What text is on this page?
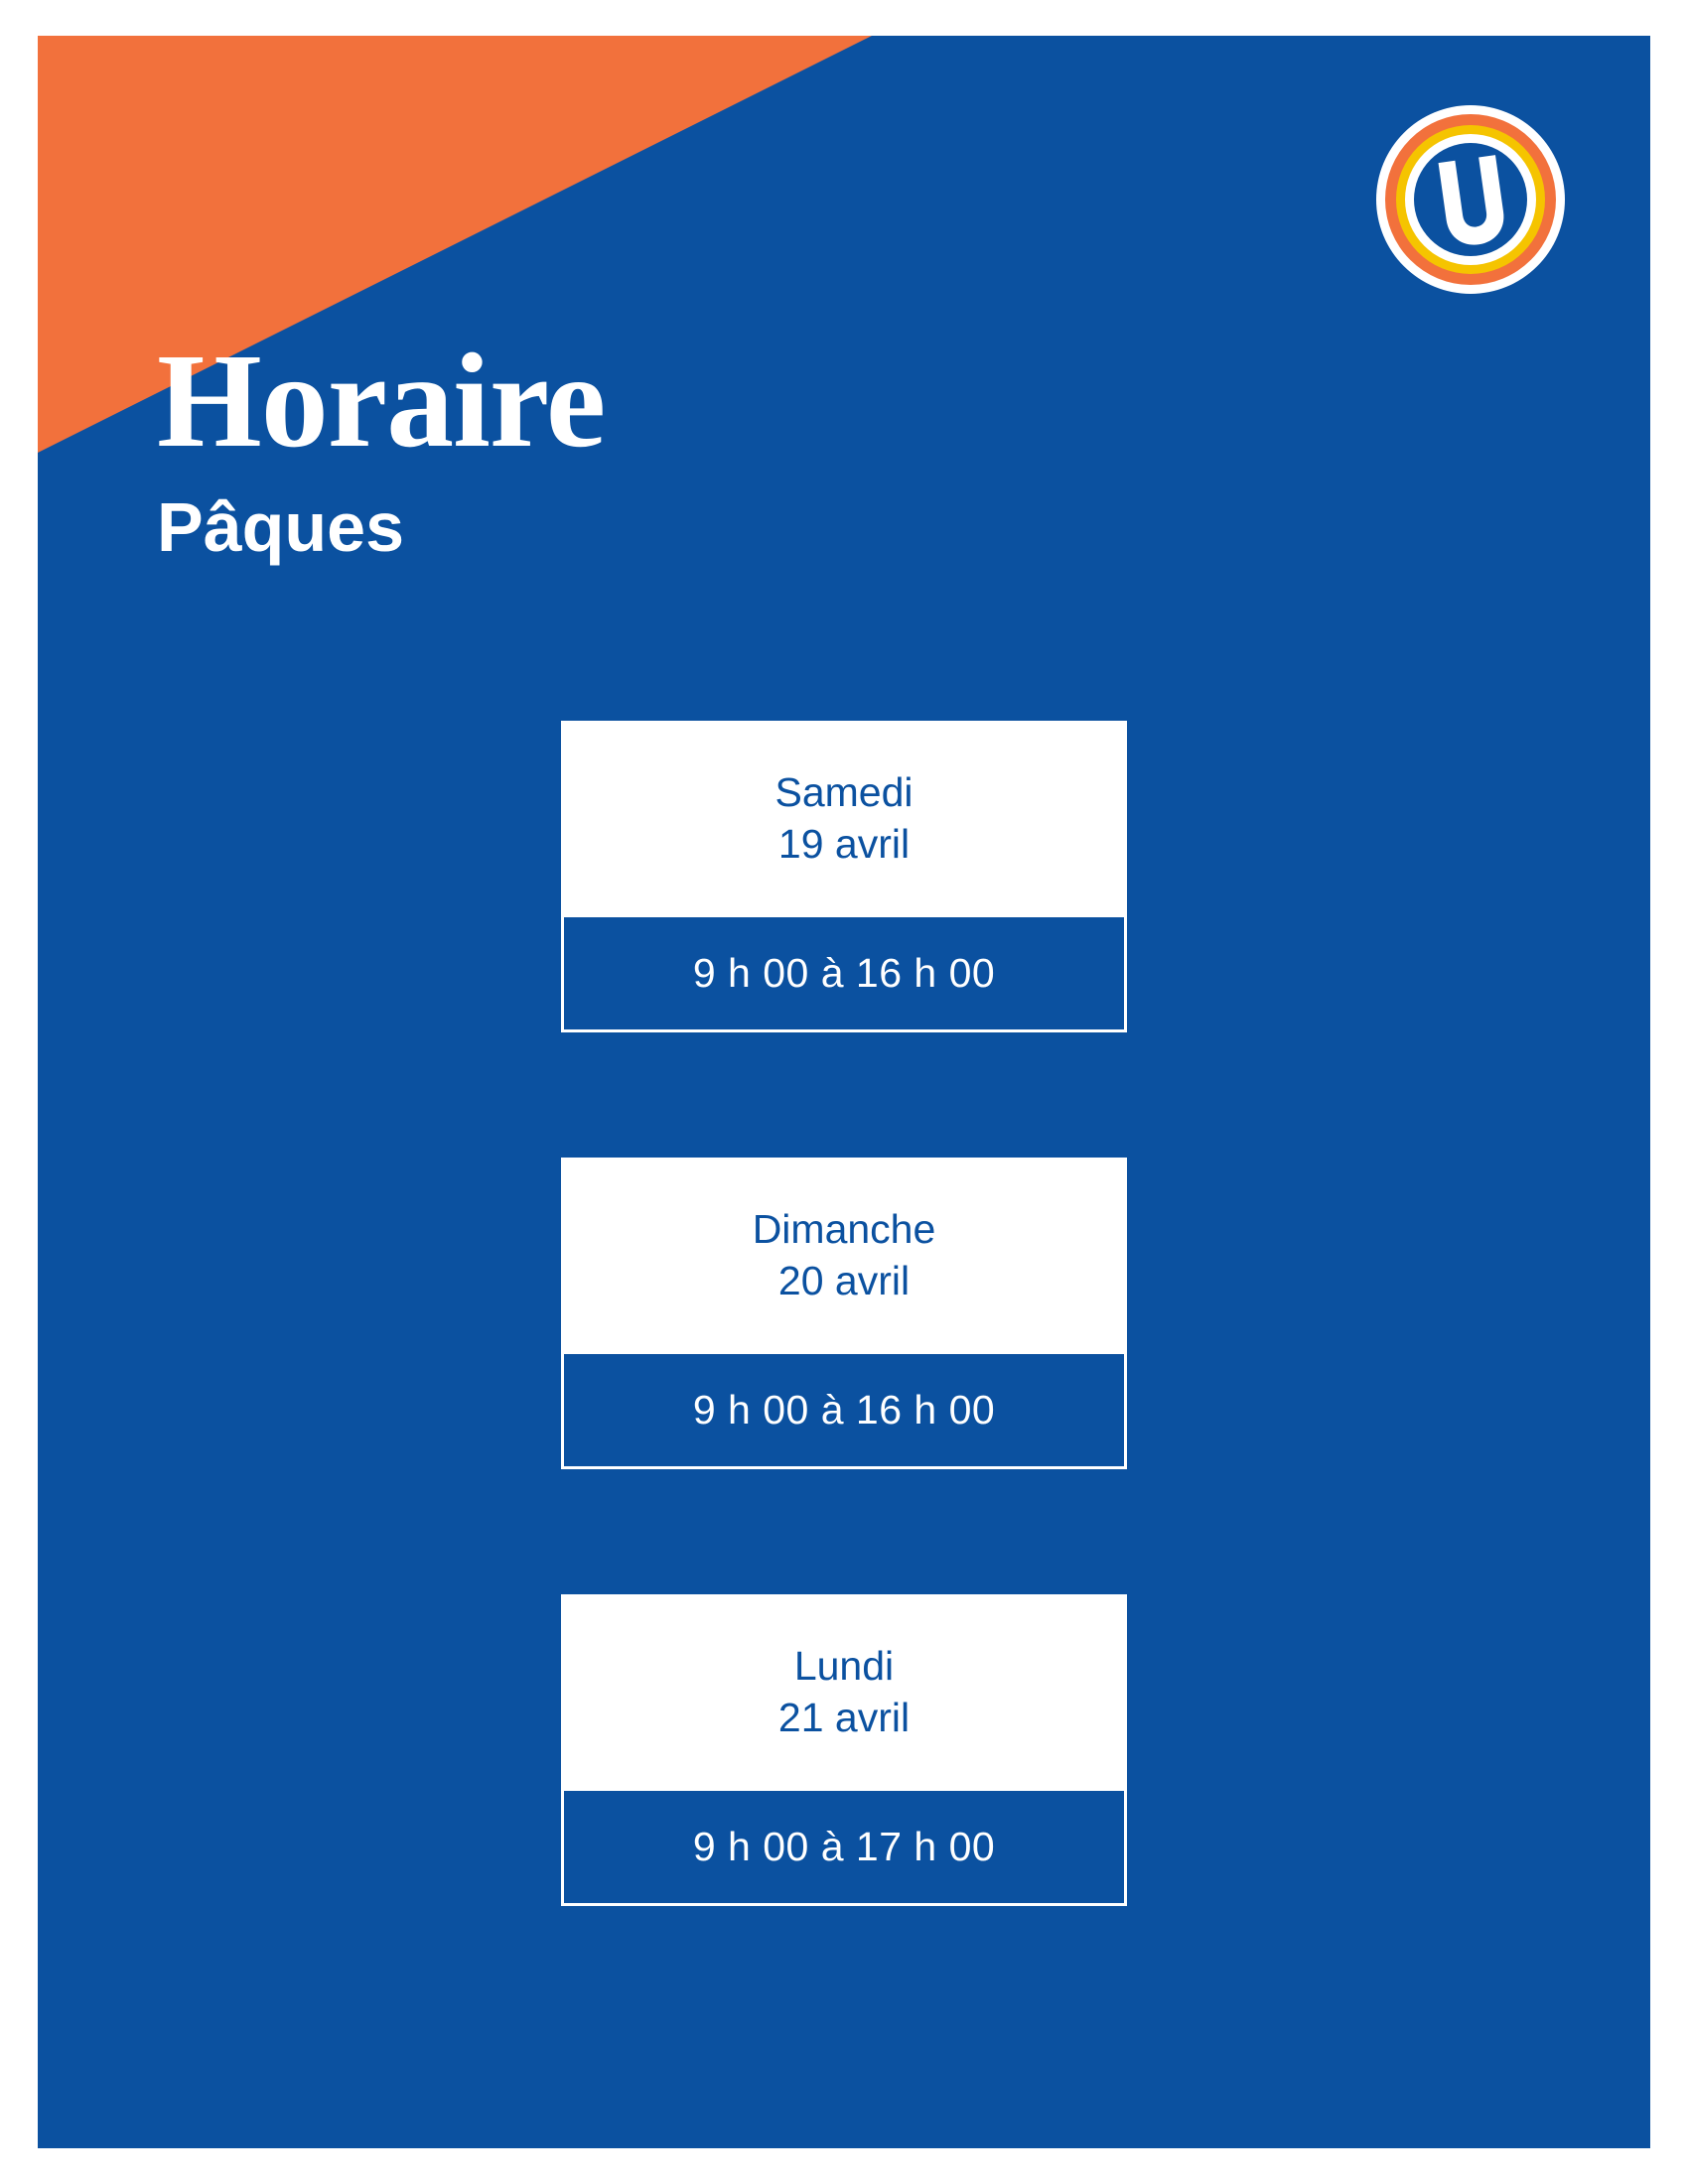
Horaire

Pâques

Samedi
19 avril
9 h 00 à 16 h 00
Dimanche
20 avril
9 h 00 à 16 h 00
Lundi
21 avril
9 h 00 à 17 h 00
